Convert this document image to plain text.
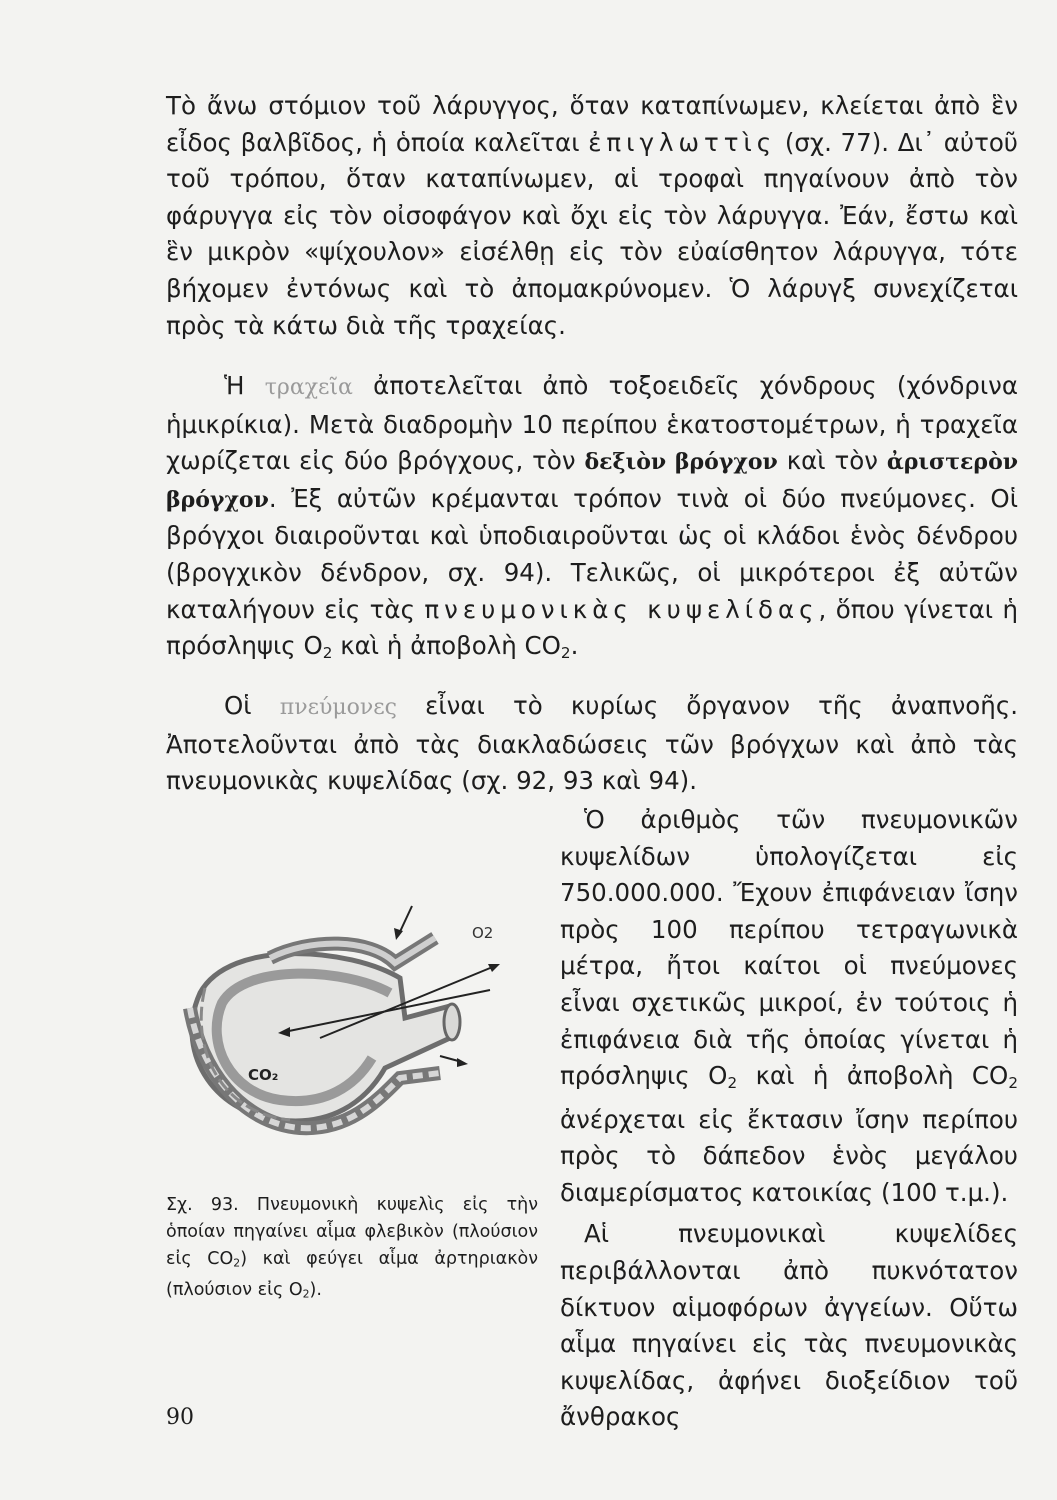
Τὸ ἄνω στόμιον τοῦ λάρυγγος, ὅταν καταπίνωμεν, κλείεται ἀπὸ ἓν εἶδος βαλβῖδος, ἡ ὁποία καλεῖται ἐπιγλωττὶς (σχ. 77). Δι᾽ αὐτοῦ τοῦ τρόπου, ὅταν καταπίνωμεν, αἱ τροφαὶ πηγαίνουν ἀπὸ τὸν φάρυγγα εἰς τὸν οἰσοφάγον καὶ ὄχι εἰς τὸν λάρυγγα. Ἐάν, ἔστω καὶ ἓν μικρὸν «ψίχουλον» εἰσέλθῃ εἰς τὸν εὐαίσθητον λάρυγγα, τότε βήχομεν ἐντόνως καὶ τὸ ἀπομακρύνομεν. Ὁ λάρυγξ συνεχίζεται πρὸς τὰ κάτω διὰ τῆς τραχείας.

Ἡ τραχεῖα ἀποτελεῖται ἀπὸ τοξοειδεῖς χόνδρους (χόνδρινα ἡμικρίκια). Μετὰ διαδρομὴν 10 περίπου ἑκατοστομέτρων, ἡ τραχεῖα χωρίζεται εἰς δύο βρόγχους, τὸν δεξιὸν βρόγχον καὶ τὸν ἀριστερὸν βρόγχον. Ἐξ αὐτῶν κρέμανται τρόπον τινὰ οἱ δύο πνεύμονες. Οἱ βρόγχοι διαιροῦνται καὶ ὑποδιαιροῦνται ὡς οἱ κλάδοι ἑνὸς δένδρου (βρογχικὸν δένδρον, σχ. 94). Τελικῶς, οἱ μικρότεροι ἐξ αὐτῶν καταλήγουν εἰς τὰς πνευμονικὰς κυψελίδας, ὅπου γίνεται ἡ πρόσληψις $O_2$ καὶ ἡ ἀποβολὴ $CO_2$.

Οἱ πνεύμονες εἶναι τὸ κυρίως ὄργανον τῆς ἀναπνοῆς. Ἀποτελοῦνται ἀπὸ τὰς διακλαδώσεις τῶν βρόγχων καὶ ἀπὸ τὰς πνευμονικὰς κυψελίδας (σχ. 92, 93 καὶ 94).

Ὁ ἀριθμὸς τῶν πνευμονικῶν κυψελίδων ὑπολογίζεται εἰς 750.000.000. Ἔχουν ἐπιφάνειαν ἴσην πρὸς 100 περίπου τετραγωνικὰ μέτρα, ἤτοι καίτοι οἱ πνεύμονες εἶναι σχετικῶς μικροί, ἐν τούτοις ἡ ἐπιφάνεια διὰ τῆς ὁποίας γίνεται ἡ πρόσληψις $O_2$ καὶ ἡ ἀποβολὴ $CO_2$ ἀνέρχεται εἰς ἔκτασιν ἴσην περίπου πρὸς τὸ δάπεδον ἑνὸς μεγάλου διαμερίσματος κατοικίας (100 τ.μ.).

Αἱ πνευμονικαὶ κυψελίδες περιβάλλονται ἀπὸ πυκνότατον δίκτυον αἱμοφόρων ἀγγείων. Οὕτω αἷμα πηγαίνει εἰς τὰς πνευμονικὰς κυψελίδας, ἀφήνει διοξείδιον τοῦ ἄνθρακος

O2
CO₂

Σχ. 93. Πνευμονικὴ κυψελὶς εἰς τὴν ὁποίαν πηγαίνει αἷμα φλεβικὸν (πλούσιον εἰς $CO_2$) καὶ φεύγει αἷμα ἀρτηριακὸν (πλούσιον εἰς $O_2$).

90
